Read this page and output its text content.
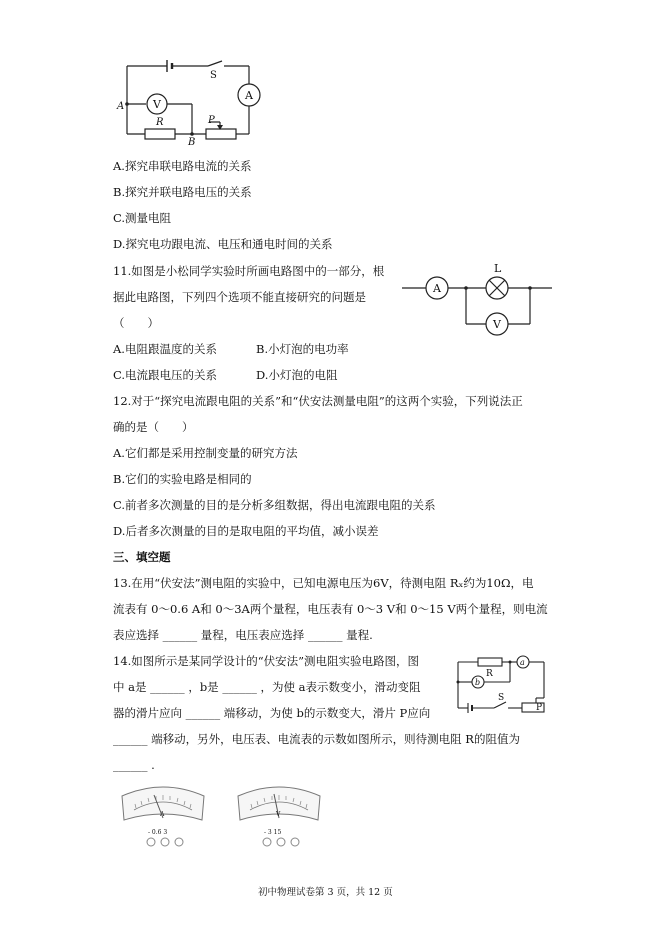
S
V
A
R	P
A
B
A.探究串联电路电流的关系
B.探究并联电路电压的关系
C.测量电阻
D.探究电功跟电流、电压和通电时间的关系
11.如图是小松同学实验时所画电路图中的一部分，根
据此电路图，下列四个选项不能直接研究的问题是
（　　）
A.电阻跟温度的关系	B.小灯泡的电功率
C.电流跟电压的关系	D.小灯泡的电阻
A
L
V
12.对于“探究电流跟电阻的关系”和“伏安法测量电阻”的这两个实验，下列说法正
确的是（　　）
A.它们都是采用控制变量的研究方法
B.它们的实验电路是相同的
C.前者多次测量的目的是分析多组数据，得出电流跟电阻的关系
D.后者多次测量的目的是取电阻的平均值，减小误差
三、填空题
13.在用“伏安法”测电阻的实验中，已知电源电压为6V，待测电阻 Rₓ约为10Ω，电
流表有 0～0.6 A和 0～3A两个量程，电压表有 0～3 V和 0～15 V两个量程，则电流
表应选择 ______ 量程，电压表应选择 ______ 量程.
14.如图所示是某同学设计的“伏安法”测电阻实验电路图，图
中 a是 ______ ，b是 ______ ，为使 a表示数变小，滑动变阻
器的滑片应向 ______ 端移动，为使 b的示数变大，滑片 P应向
______ 端移动，另外，电压表、电流表的示数如图所示，则待测电阻 R的阻值为
______ .
a
b
R
S
P
A
- 0.6 3
V
- 3 15
初中物理试卷第 3 页，共 12 页
